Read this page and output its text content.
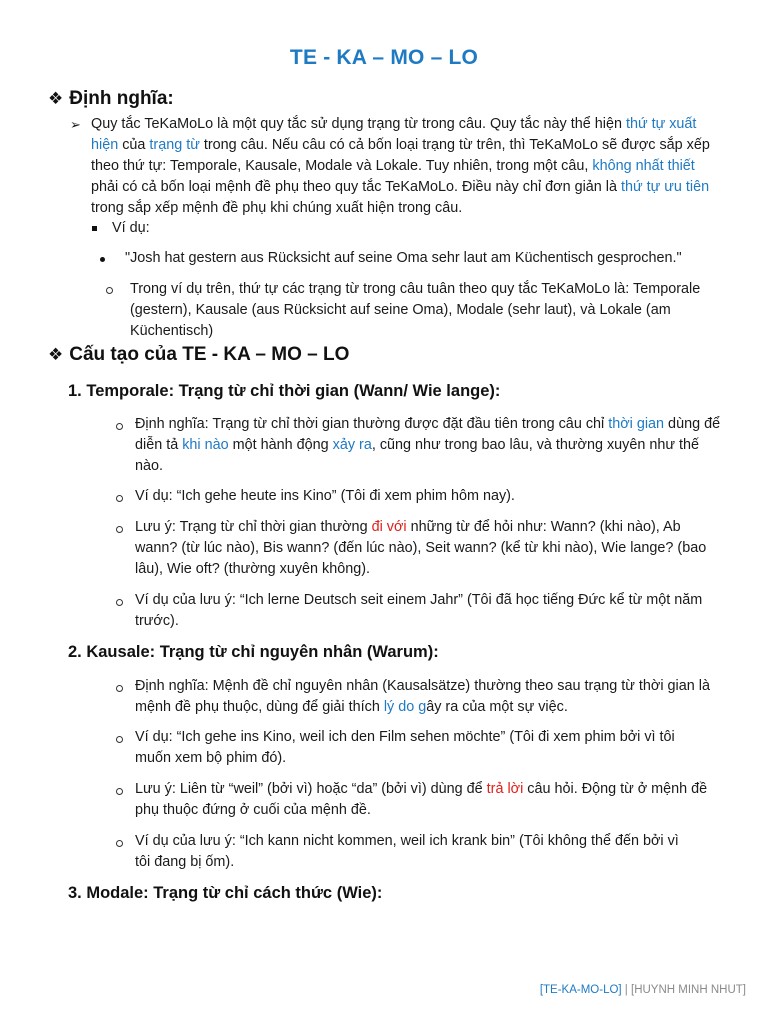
TE - KA – MO – LO
❖ Định nghĩa:
➢ Quy tắc TeKaMoLo là một quy tắc sử dụng trạng từ trong câu. Quy tắc này thể hiện thứ tự xuất hiện của trạng từ trong câu. Nếu câu có cả bốn loại trạng từ trên, thì TeKaMoLo sẽ được sắp xếp theo thứ tự: Temporale, Kausale, Modale và Lokale. Tuy nhiên, trong một câu, không nhất thiết phải có cả bốn loại mệnh đề phụ theo quy tắc TeKaMoLo. Điều này chỉ đơn giản là thứ tự ưu tiên trong sắp xếp mệnh đề phụ khi chúng xuất hiện trong câu.
Ví dụ:
"Josh hat gestern aus Rücksicht auf seine Oma sehr laut am Küchentisch gesprochen."
Trong ví dụ trên, thứ tự các trạng từ trong câu tuân theo quy tắc TeKaMoLo là: Temporale (gestern), Kausale (aus Rücksicht auf seine Oma), Modale (sehr laut), và Lokale (am Küchentisch)
❖ Cấu tạo của TE - KA – MO – LO
1. Temporale: Trạng từ chỉ thời gian (Wann/ Wie lange):
Định nghĩa: Trạng từ chỉ thời gian thường được đặt đầu tiên trong câu chỉ thời gian dùng để diễn tả khi nào một hành động xảy ra, cũng như trong bao lâu, và thường xuyên như thế nào.
Ví dụ: “Ich gehe heute ins Kino” (Tôi đi xem phim hôm nay).
Lưu ý: Trạng từ chỉ thời gian thường đi với những từ để hỏi như: Wann? (khi nào), Ab wann? (từ lúc nào), Bis wann? (đến lúc nào), Seit wann? (kể từ khi nào), Wie lange? (bao lâu), Wie oft? (thường xuyên không).
Ví dụ của lưu ý: “Ich lerne Deutsch seit einem Jahr” (Tôi đã học tiếng Đức kể từ một năm trước).
2. Kausale: Trạng từ chỉ nguyên nhân (Warum):
Định nghĩa: Mệnh đề chỉ nguyên nhân (Kausalsätze) thường theo sau trạng từ thời gian là mệnh đề phụ thuộc, dùng để giải thích lý do gây ra của một sự việc.
Ví dụ: “Ich gehe ins Kino, weil ich den Film sehen möchte” (Tôi đi xem phim bởi vì tôi muốn xem bộ phim đó).
Lưu ý: Liên từ “weil” (bởi vì) hoặc “da” (bởi vì) dùng để trả lời câu hỏi. Động từ ở mệnh đề phụ thuộc đứng ở cuối của mệnh đề.
Ví dụ của lưu ý: “Ich kann nicht kommen, weil ich krank bin” (Tôi không thể đến bởi vì tôi đang bị ốm).
3. Modale: Trạng từ chỉ cách thức (Wie):
[TE-KA-MO-LO] | [HUYNH MINH NHUT]
